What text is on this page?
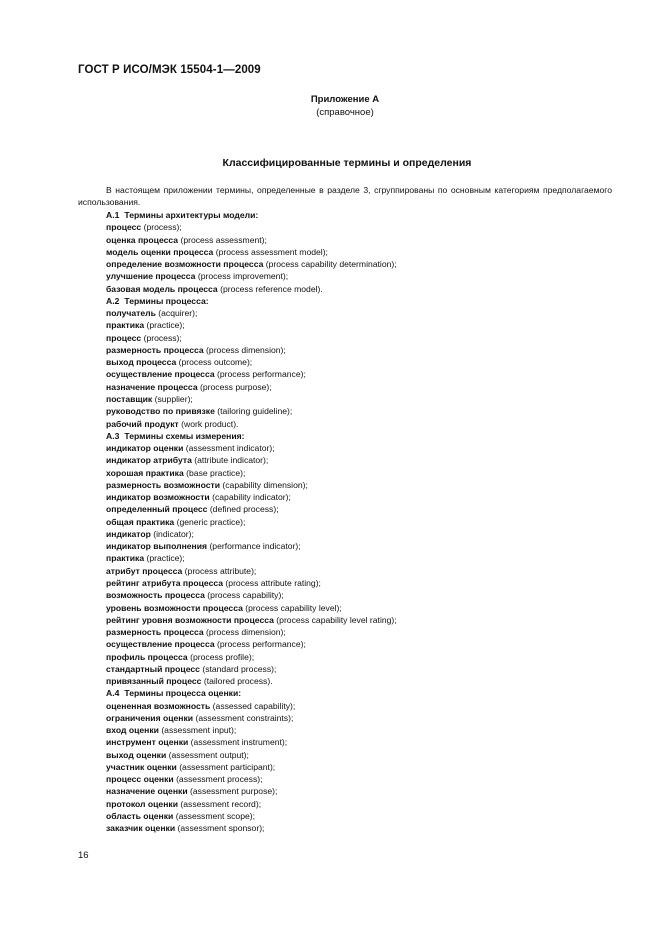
ГОСТ Р ИСО/МЭК 15504-1—2009
Приложение А
(справочное)
Классифицированные термины и определения
В настоящем приложении термины, определенные в разделе 3, сгруппированы по основным категориям предполагаемого использования.
А.1 Термины архитектуры модели:
процесс (process);
оценка процесса (process assessment);
модель оценки процесса (process assessment model);
определение возможности процесса (process capability determination);
улучшение процесса (process improvement);
базовая модель процесса (process reference model).
А.2 Термины процесса:
получатель (acquirer);
практика (practice);
процесс (process);
размерность процесса (process dimension);
выход процесса (process outcome);
осуществление процесса (process performance);
назначение процесса (process purpose);
поставщик (supplier);
руководство по привязке (tailoring guideline);
рабочий продукт (work product).
А.3 Термины схемы измерения:
индикатор оценки (assessment indicator);
индикатор атрибута (attribute indicator);
хорошая практика (base practice);
размерность возможности (capability dimension);
индикатор возможности (capability indicator);
определенный процесс (defined process);
общая практика (generic practice);
индикатор (indicator);
индикатор выполнения (performance indicator);
практика (practice);
атрибут процесса (process attribute);
рейтинг атрибута процесса (process attribute rating);
возможность процесса (process capability);
уровень возможности процесса (process capability level);
рейтинг уровня возможности процесса (process capability level rating);
размерность процесса (process dimension);
осуществление процесса (process performance);
профиль процесса (process profile);
стандартный процесс (standard process);
привязанный процесс (tailored process).
А.4 Термины процесса оценки:
оцененная возможность (assessed capability);
ограничения оценки (assessment constraints);
вход оценки (assessment input);
инструмент оценки (assessment instrument);
выход оценки (assessment output);
участник оценки (assessment participant);
процесс оценки (assessment process);
назначение оценки (assessment purpose);
протокол оценки (assessment record);
область оценки (assessment scope);
заказчик оценки (assessment sponsor);
16
